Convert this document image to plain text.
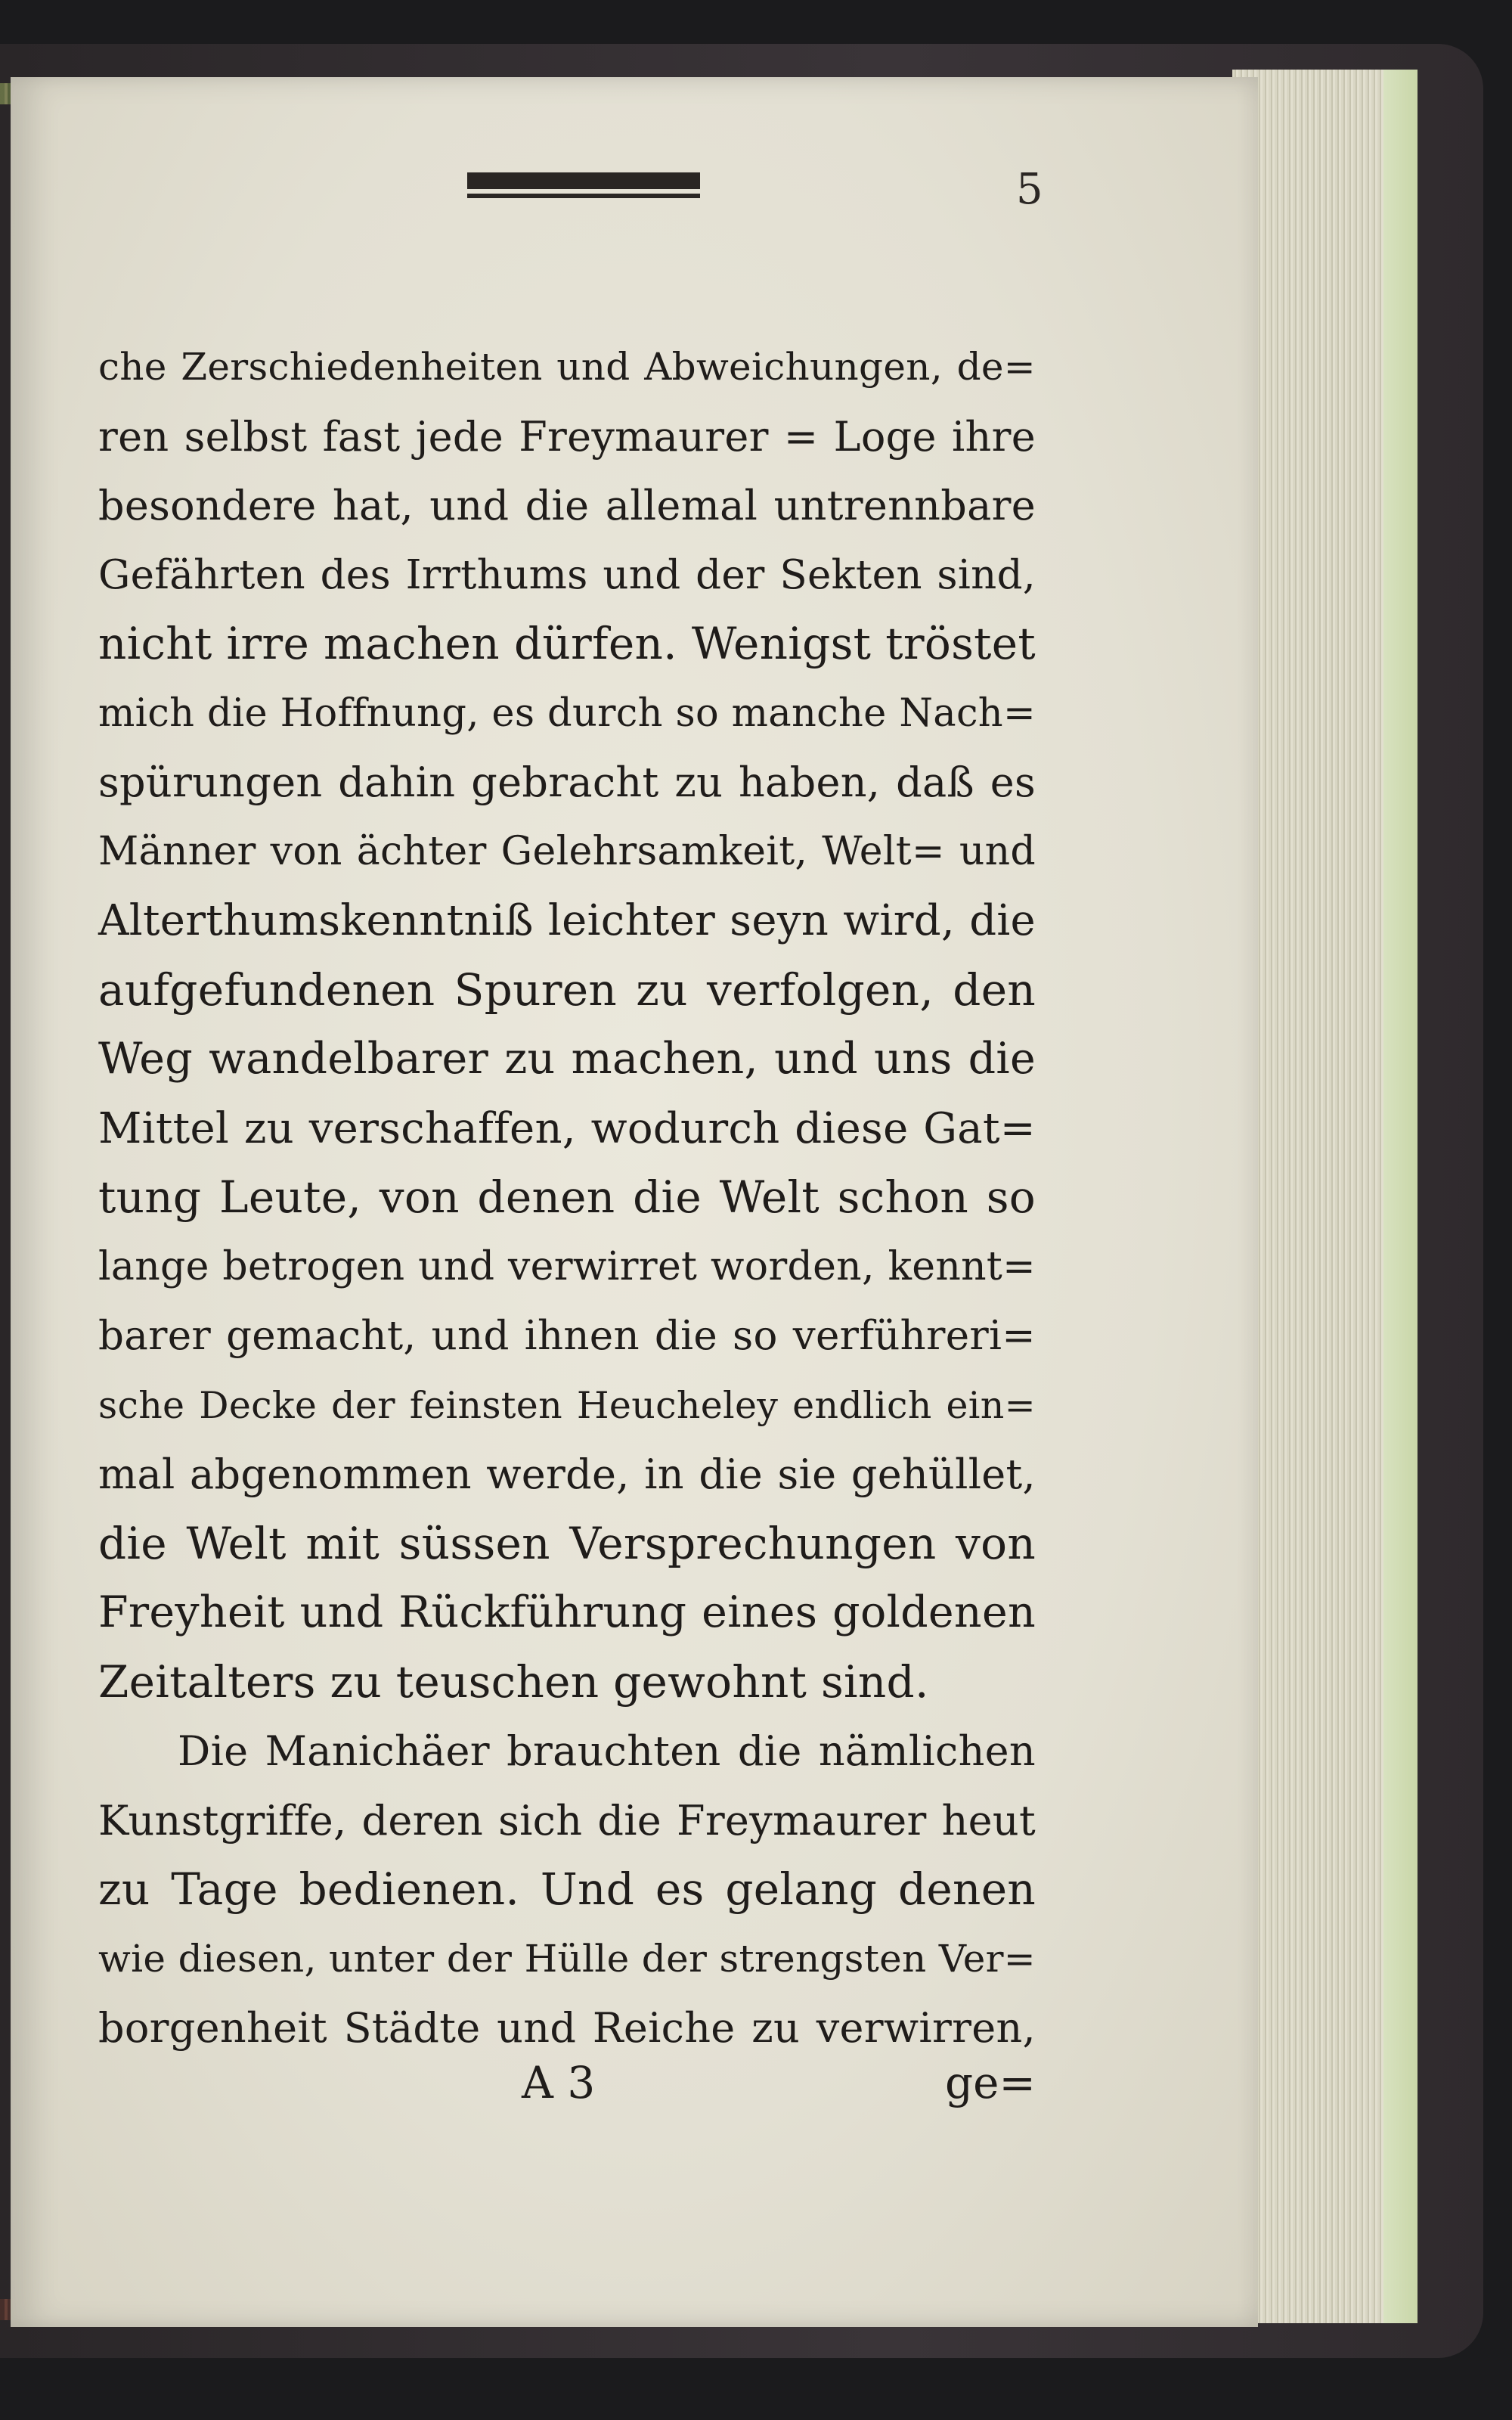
5
che Zerschiedenheiten und Abweichungen, de=
ren selbst fast jede Freymaurer = Loge ihre
besondere hat, und die allemal untrennbare
Gefährten des Irrthums und der Sekten sind,
nicht irre machen dürfen. Wenigst tröstet
mich die Hoffnung, es durch so manche Nach=
spürungen dahin gebracht zu haben, daß es
Männer von ächter Gelehrsamkeit, Welt= und
Alterthumskenntniß leichter seyn wird, die
aufgefundenen Spuren zu verfolgen, den
Weg wandelbarer zu machen, und uns die
Mittel zu verschaffen, wodurch diese Gat=
tung Leute, von denen die Welt schon so
lange betrogen und verwirret worden, kennt=
barer gemacht, und ihnen die so verführeri=
sche Decke der feinsten Heucheley endlich ein=
mal abgenommen werde, in die sie gehüllet,
die Welt mit süssen Versprechungen von
Freyheit und Rückführung eines goldenen
Zeitalters zu teuschen gewohnt sind.
Die Manichäer brauchten die nämlichen
Kunstgriffe, deren sich die Freymaurer heut
zu Tage bedienen. Und es gelang denen
wie diesen, unter der Hülle der strengsten Ver=
borgenheit Städte und Reiche zu verwirren,
A 3	ge=
